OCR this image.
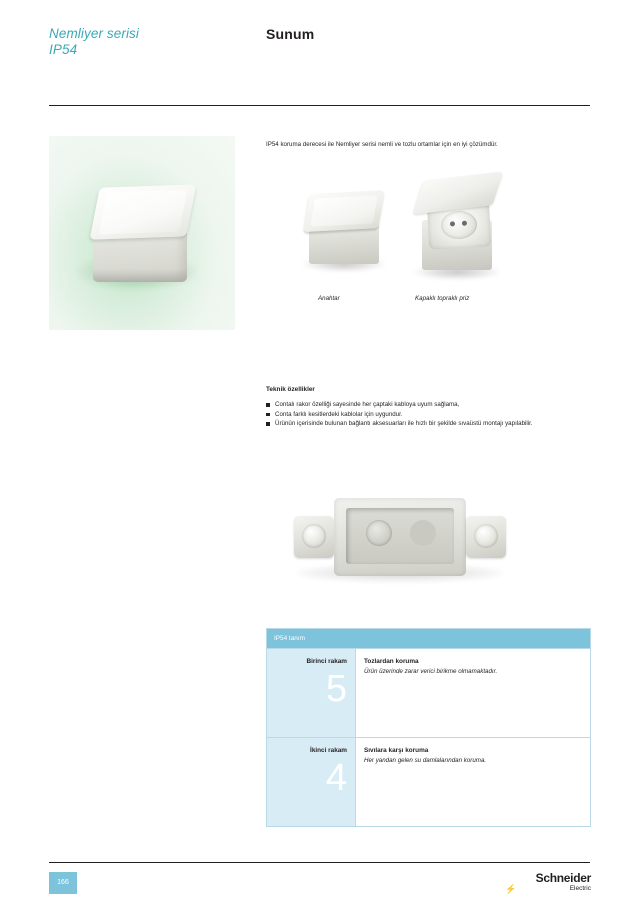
Nemliyer serisi
IP54
Sunum
IP54 koruma derecesi ile Nemliyer serisi nemli ve tozlu ortamlar için en iyi çözümdür.
Anahtar	Kapaklı topraklı priz
Teknik özellikler
Contalı rakor özelliği sayesinde her çaptaki kabloya uyum sağlama,
Conta farklı kesitlerdeki kablolar için uygundur.
Ürünün içerisinde bulunan bağlantı aksesuarları ile hızlı bir şekilde sıvaüstü montajı yapılabilir.
IP54 tanım
Birinci rakam
5
Tozlardan koruma
Ürün üzerinde zarar verici birikme olmamaktadır.
İkinci rakam
4
Sıvılara karşı koruma
Her yandan gelen su damlalarından koruma.
166	Schneider
Electric
⚡
